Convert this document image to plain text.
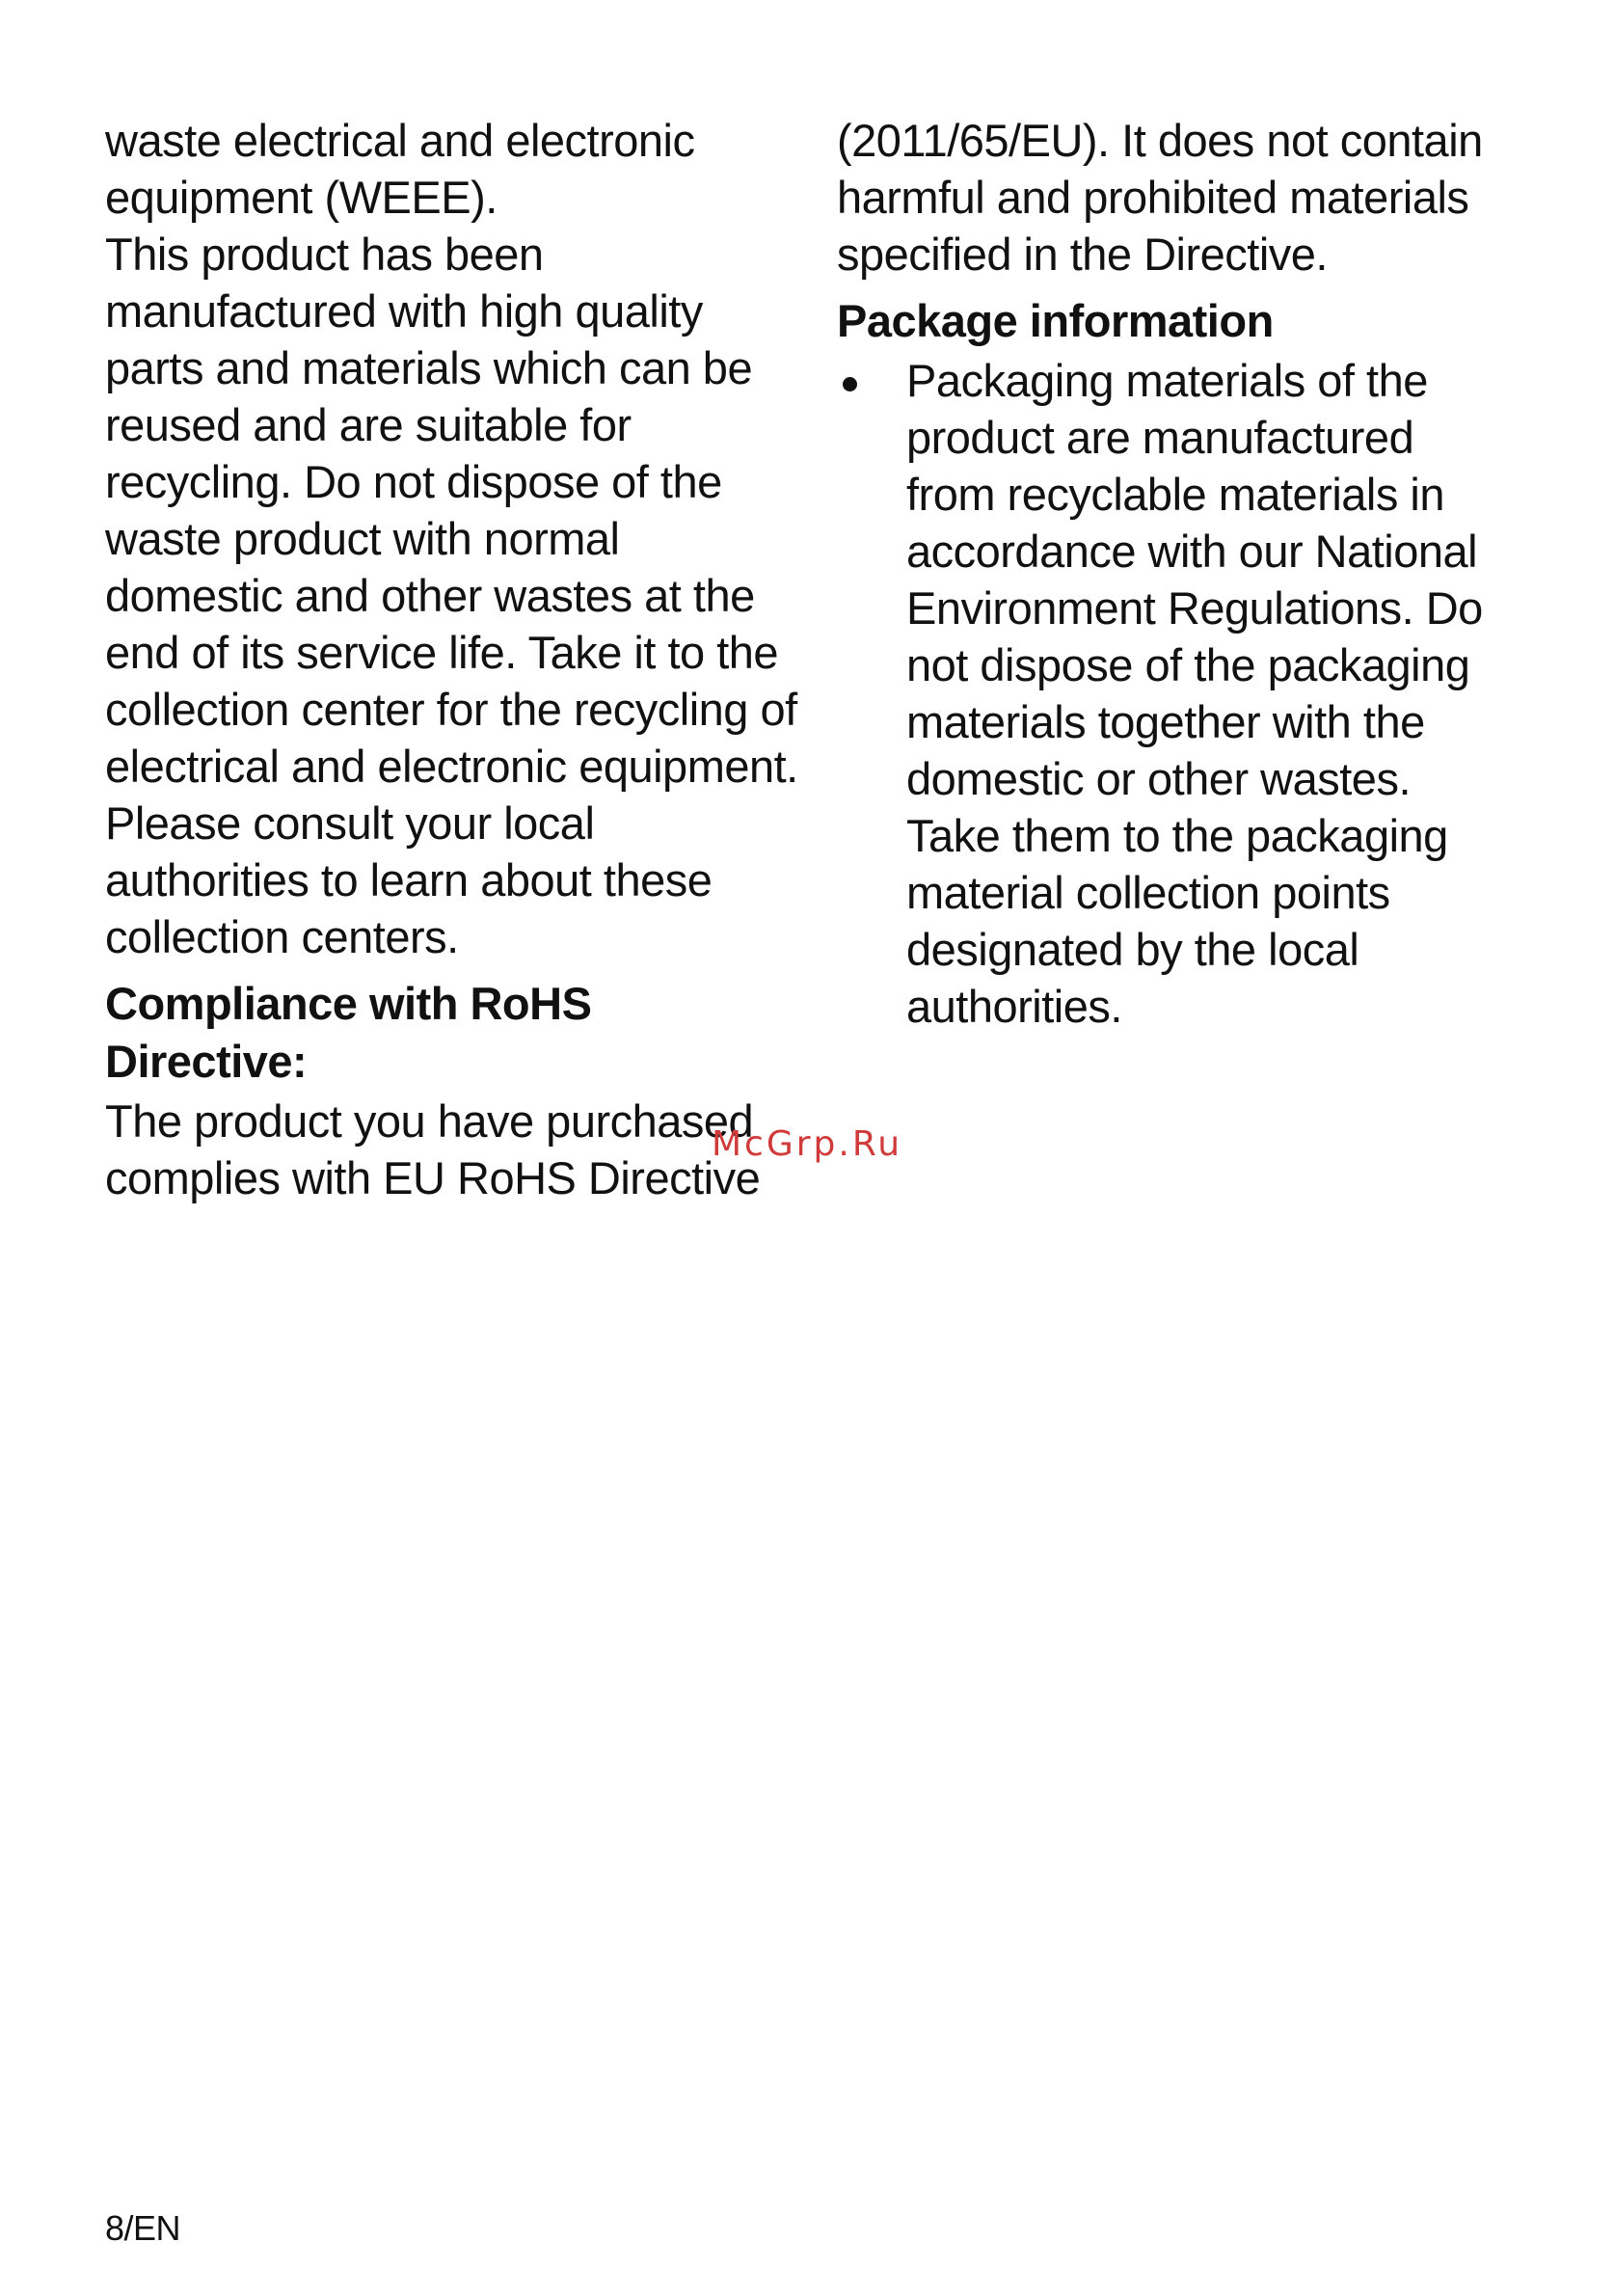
waste electrical and electronic equipment (WEEE).

This product has been manufactured with high quality parts and materials which can be reused and are suitable for recycling. Do not dispose of the waste product with normal domestic and other wastes at the end of its service life. Take it to the collection center for the recycling of electrical and electronic equipment. Please consult your local authorities to learn about these collection centers.

Compliance with RoHS Directive:

The product you have purchased complies with EU RoHS Directive

(2011/65/EU). It does not contain harmful and prohibited materials specified in the Directive.

Package information
Packaging materials of the product are manufactured from recyclable materials in accordance with our National Environment Regulations. Do not dispose of the packaging materials together with the domestic or other wastes. Take them to the packaging material collection points designated by the local authorities.
McGrp.Ru
8/EN
